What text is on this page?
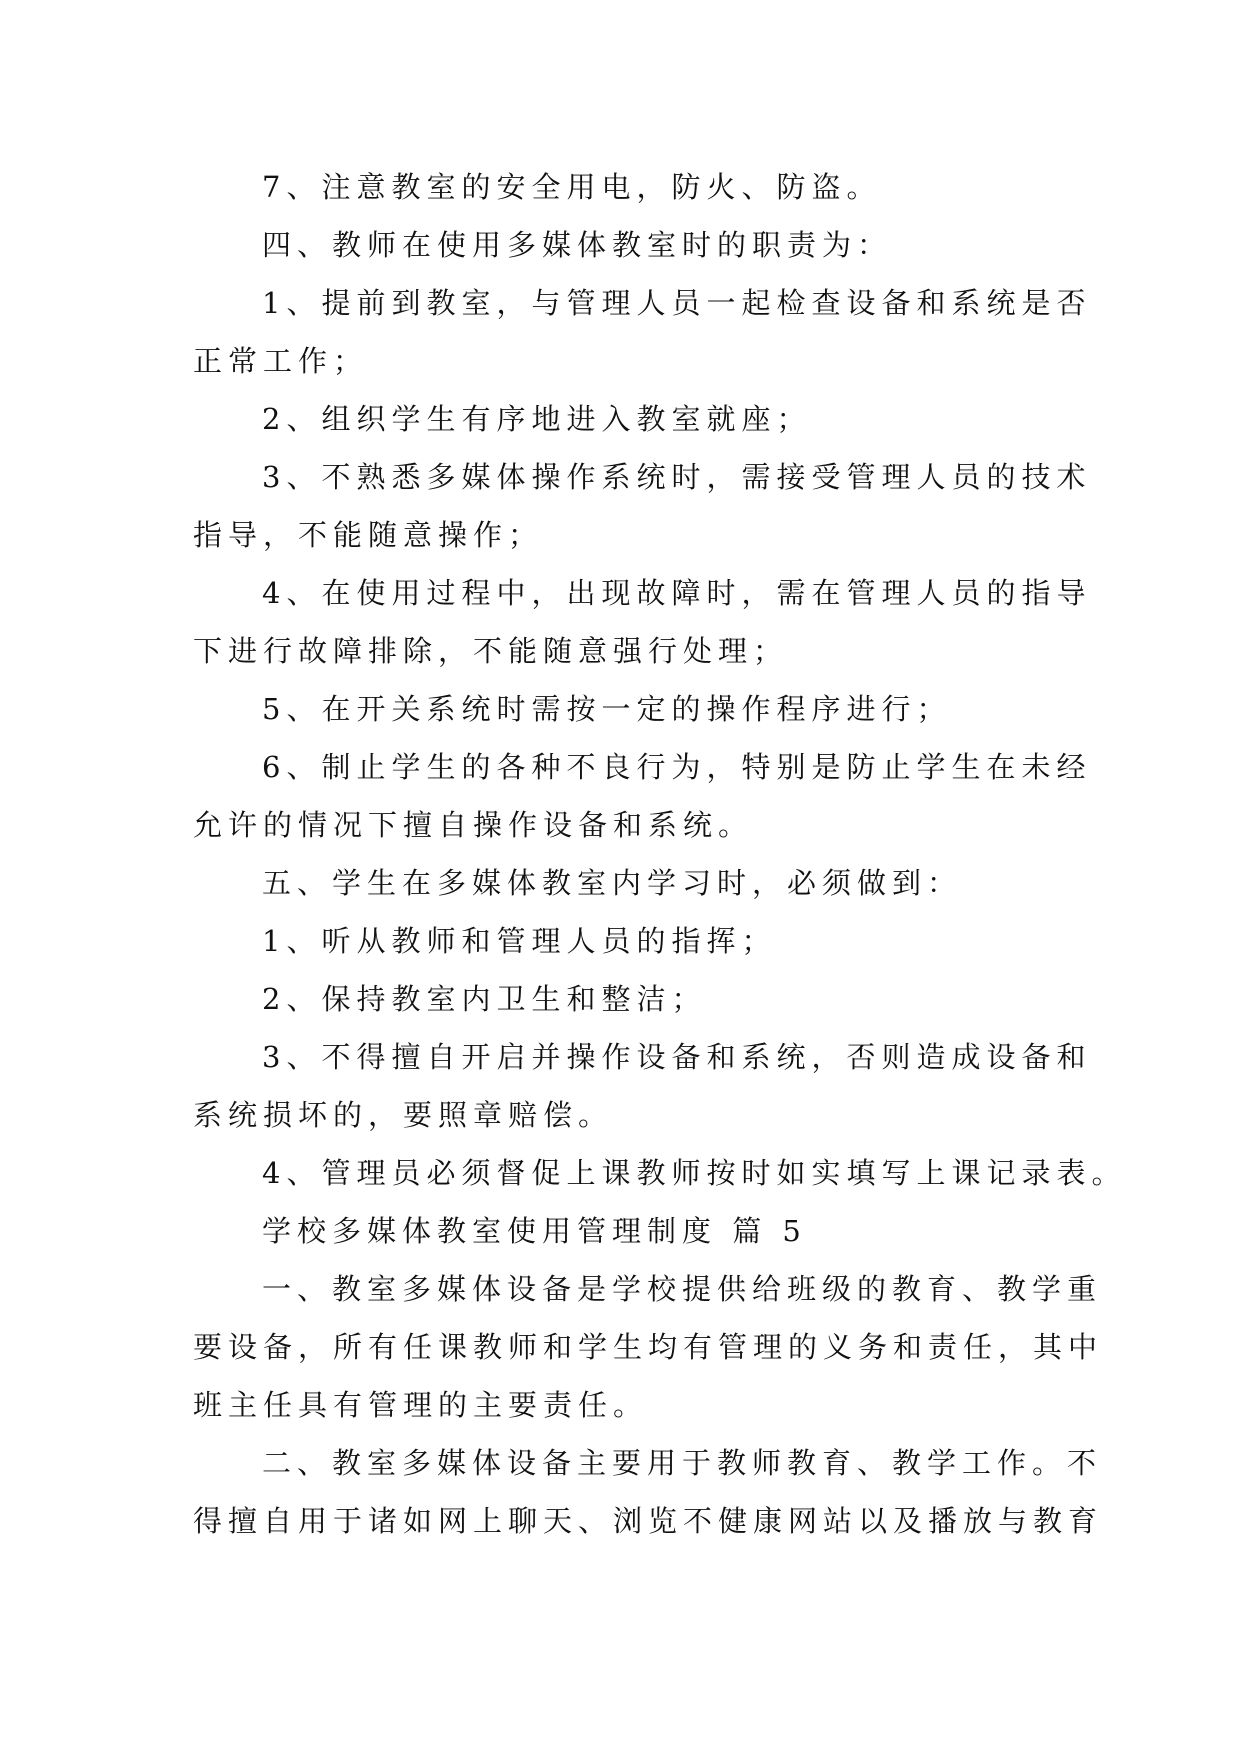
7、注意教室的安全用电，防火、防盗。
四、教师在使用多媒体教室时的职责为：
1、提前到教室，与管理人员一起检查设备和系统是否
正常工作；
2、组织学生有序地进入教室就座；
3、不熟悉多媒体操作系统时，需接受管理人员的技术
指导，不能随意操作；
4、在使用过程中，出现故障时，需在管理人员的指导
下进行故障排除，不能随意强行处理；
5、在开关系统时需按一定的操作程序进行；
6、制止学生的各种不良行为，特别是防止学生在未经
允许的情况下擅自操作设备和系统。
五、学生在多媒体教室内学习时，必须做到：
1、听从教师和管理人员的指挥；
2、保持教室内卫生和整洁；
3、不得擅自开启并操作设备和系统，否则造成设备和
系统损坏的，要照章赔偿。
4、管理员必须督促上课教师按时如实填写上课记录表。
学校多媒体教室使用管理制度 篇 5
一、教室多媒体设备是学校提供给班级的教育、教学重
要设备，所有任课教师和学生均有管理的义务和责任，其中
班主任具有管理的主要责任。
二、教室多媒体设备主要用于教师教育、教学工作。不
得擅自用于诸如网上聊天、浏览不健康网站以及播放与教育
